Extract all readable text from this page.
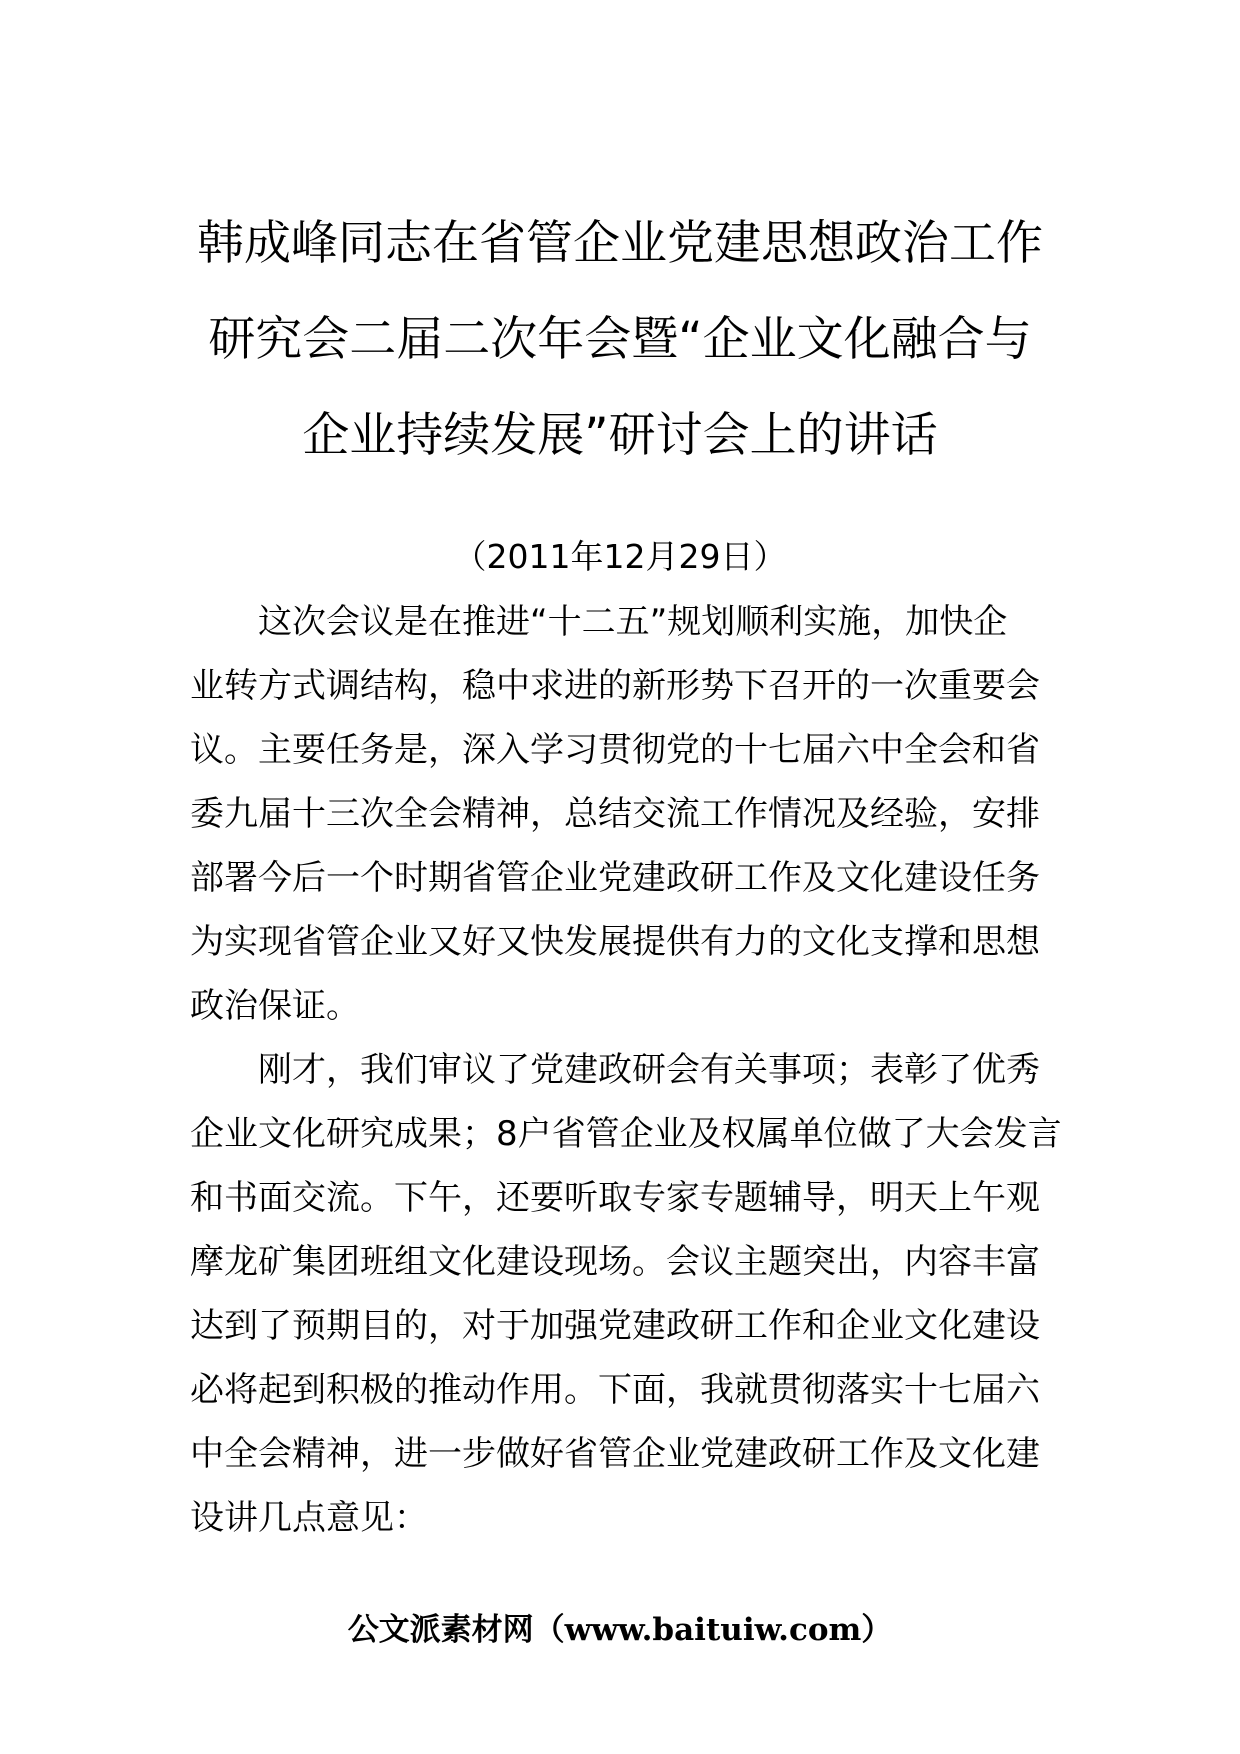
韩成峰同志在省管企业党建思想政治工作
研究会二届二次年会暨“企业文化融合与
企业持续发展”研讨会上的讲话
（2011年12月29日）

这次会议是在推进“十二五”规划顺利实施，加快企
业转方式调结构，稳中求进的新形势下召开的一次重要会
议。主要任务是，深入学习贯彻党的十七届六中全会和省
委九届十三次全会精神，总结交流工作情况及经验，安排
部署今后一个时期省管企业党建政研工作及文化建设任务
为实现省管企业又好又快发展提供有力的文化支撑和思想
政治保证。

刚才，我们审议了党建政研会有关事项；表彰了优秀
企业文化研究成果；8户省管企业及权属单位做了大会发言
和书面交流。下午，还要听取专家专题辅导，明天上午观
摩龙矿集团班组文化建设现场。会议主题突出，内容丰富
达到了预期目的，对于加强党建政研工作和企业文化建设
必将起到积极的推动作用。下面，我就贯彻落实十七届六
中全会精神，进一步做好省管企业党建政研工作及文化建
设讲几点意见：

公文派素材网（www.baituiw.com）
